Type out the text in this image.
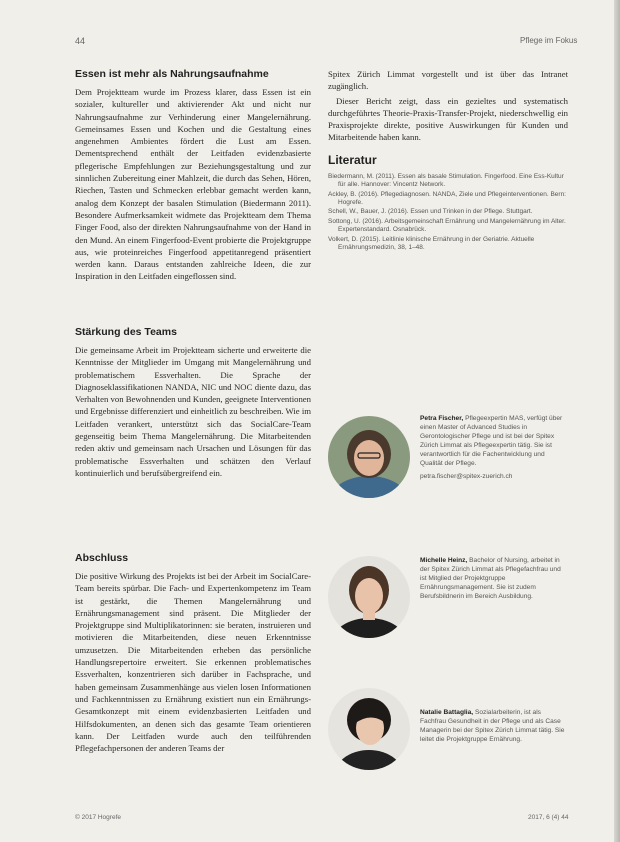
44	Pflege im Fokus
Essen ist mehr als Nahrungsaufnahme

Dem Projektteam wurde im Prozess klarer, dass Essen ist ein sozialer, kultureller und aktivierender Akt und nicht nur Nahrungsaufnahme zur Verhinderung einer Mangelernährung. Gemeinsames Essen und Kochen und die Gestaltung eines angenehmen Ambientes fördert die Lust am Essen. Dementsprechend enthält der Leitfaden evidenzbasierte pflegerische Empfehlungen zur Beziehungsgestaltung und zur sinnlichen Zubereitung einer Mahlzeit, die durch das Sehen, Hören, Riechen, Tasten und Schmecken erlebbar gemacht werden kann, analog dem Konzept der basalen Stimulation (Biedermann 2011). Besondere Aufmerksamkeit widmete das Projektteam dem Thema Finger Food, also der direkten Nahrungsaufnahme von der Hand in den Mund. An einem Fingerfood-Event probierte die Projektgruppe aus, wie proteinreiches Fingerfood appetitanregend präsentiert werden kann. Daraus entstanden zahlreiche Ideen, die zur Inspiration in den Leitfaden eingeflossen sind.

Stärkung des Teams

Die gemeinsame Arbeit im Projektteam sicherte und erweiterte die Kenntnisse der Mitglieder im Umgang mit Mangelernährung und problematischem Essverhalten. Die Sprache der Diagnoseklassifikationen NANDA, NIC und NOC diente dazu, das Verhalten von Bewohnenden und Kunden, geeignete Interventionen und Ergebnisse differenziert und einheitlich zu beschreiben. Wie im Leitfaden verankert, unterstützt sich das SocialCare-Team gegenseitig beim Thema Mangelernährung. Die Mitarbeitenden reden aktiv und gemeinsam nach Ursachen und Lösungen für das problematische Essverhalten und schätzen den Verlauf kontinuierlich und berufsübergreifend ein.

Abschluss

Die positive Wirkung des Projekts ist bei der Arbeit im SocialCare-Team bereits spürbar. Die Fach- und Expertenkompetenz im Team ist gestärkt, die Themen Mangelernährung und Ernährungsmanagement sind präsent. Die Mitglieder der Projektgruppe sind Multiplikatorinnen: sie beraten, instruieren und motivieren die Mitarbeitenden, diese neuen Erkenntnisse umzusetzen. Die Mitarbeitenden erheben das persönliche Handlungsrepertoire erweitert. Sie erkennen problematisches Essverhalten, konzentrieren sich darüber in Fachsprache, und haben gemeinsam Zusammenhänge aus vielen losen Informationen und Fachkenntnissen zu Ernährung existiert nun ein Ernährungs-Gesamtkonzept mit einem evidenzbasierten Leitfaden und Hilfsdokumenten, an denen sich das gesamte Team orientieren kann. Der Leitfaden wurde auch den teilführenden Pflegefachpersonen der anderen Teams der

Spitex Zürich Limmat vorgestellt und ist über das Intranet zugänglich.

Dieser Bericht zeigt, dass ein gezieltes und systematisch durchgeführtes Theorie-Praxis-Transfer-Projekt, niederschwellig ein Praxisprojekte direkte, positive Auswirkungen für Kunden und Mitarbeitende haben kann.

Literatur
Biedermann, M. (2011). Essen als basale Stimulation. Fingerfood. Eine Ess-Kultur für alle. Hannover: Vincentz Network.
Ackley, B. (2016). Pflegediagnosen. NANDA, Ziele und Pflegeinterventionen. Bern: Hogrefe.
Schell, W., Bauer, J. (2016). Essen und Trinken in der Pflege. Stuttgart.
Sottong, U. (2016). Arbeitsgemeinschaft Ernährung und Mangelernährung im Alter. Expertenstandard. Osnabrück.
Volkert, D. (2015). Leitlinie klinische Ernährung in der Geriatrie. Aktuelle Ernährungsmedizin, 38, 1–48.
Petra Fischer, Pflegeexpertin MAS, verfügt über einen Master of Advanced Studies in Gerontologischer Pflege und ist bei der Spitex Zürich Limmat als Pflegeexpertin tätig. Sie ist verantwortlich für die Fachentwicklung und Qualität der Pflege.
petra.fischer@spitex-zuerich.ch
Michelle Heinz, Bachelor of Nursing, arbeitet in der Spitex Zürich Limmat als Pflegefachfrau und ist Mitglied der Projektgruppe Ernährungsmanagement. Sie ist zudem Berufsbildnerin im Bereich Ausbildung.
Natalie Battaglia, Sozialarbeiterin, ist als Fachfrau Gesundheit in der Pflege und als Case Managerin bei der Spitex Zürich Limmat tätig. Sie leitet die Projektgruppe Ernährung.
© 2017 Hogrefe	2017, 6 (4) 44
